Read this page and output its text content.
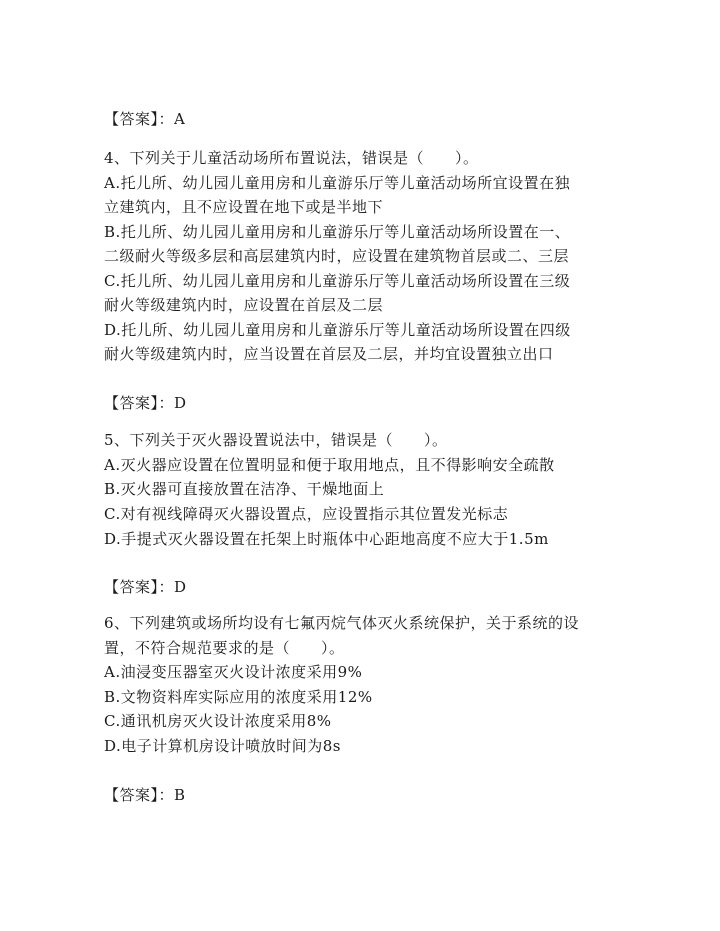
【答案】：A
4、下列关于儿童活动场所布置说法，错误是（　　）。
A.托儿所、幼儿园儿童用房和儿童游乐厅等儿童活动场所宜设置在独
立建筑内，且不应设置在地下或是半地下
B.托儿所、幼儿园儿童用房和儿童游乐厅等儿童活动场所设置在一、
二级耐火等级多层和高层建筑内时，应设置在建筑物首层或二、三层
C.托儿所、幼儿园儿童用房和儿童游乐厅等儿童活动场所设置在三级
耐火等级建筑内时，应设置在首层及二层
D.托儿所、幼儿园儿童用房和儿童游乐厅等儿童活动场所设置在四级
耐火等级建筑内时，应当设置在首层及二层，并均宜设置独立出口
【答案】：D
5、下列关于灭火器设置说法中，错误是（　　）。
A.灭火器应设置在位置明显和便于取用地点，且不得影响安全疏散
B.灭火器可直接放置在洁净、干燥地面上
C.对有视线障碍灭火器设置点，应设置指示其位置发光标志
D.手提式灭火器设置在托架上时瓶体中心距地高度不应大于1.5m
【答案】：D
6、下列建筑或场所均设有七氟丙烷气体灭火系统保护，关于系统的设
置，不符合规范要求的是（　　）。
A.油浸变压器室灭火设计浓度采用9%
B.文物资料库实际应用的浓度采用12%
C.通讯机房灭火设计浓度采用8%
D.电子计算机房设计喷放时间为8s
【答案】：B
